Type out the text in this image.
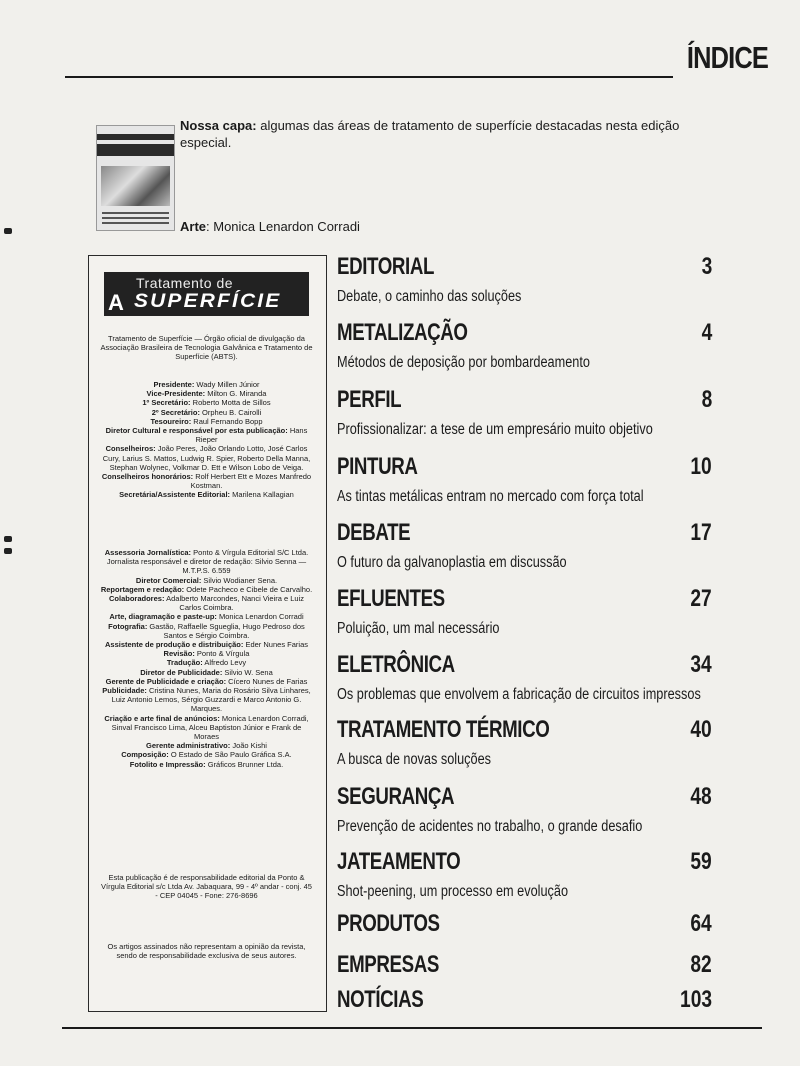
ÍNDICE
Nossa capa: algumas das áreas de tratamento de superfície destacadas nesta edição especial.
Arte: Monica Lenardon Corradi
A
Tratamento de
SUPERFÍCIE
Tratamento de Superfície — Órgão oficial de divulgação da Associação Brasileira de Tecnologia Galvânica e Tratamento de Superfície (ABTS).
Presidente: Wady Millen Júnior
Vice-Presidente: Milton G. Miranda
1º Secretário: Roberto Motta de Sillos
2º Secretário: Orpheu B. Cairolli
Tesoureiro: Raul Fernando Bopp
Diretor Cultural e responsável por esta publicação: Hans Rieper
Conselheiros: João Peres, João Orlando Lotto, José Carlos Cury, Larius S. Mattos, Ludwig R. Spier, Roberto Della Manna, Stephan Wolynec, Volkmar D. Ett e Wilson Lobo de Veiga.
Conselheiros honorários: Rolf Herbert Ett e Mozes Manfredo Kostman.
Secretária/Assistente Editorial: Marilena Kallagian
Assessoria Jornalística: Ponto & Vírgula Editorial S/C Ltda. Jornalista responsável e diretor de redação: Silvio Senna — M.T.P.S. 6.559
Diretor Comercial: Silvio Wodianer Sena.
Reportagem e redação: Odete Pacheco e Cibele de Carvalho.
Colaboradores: Adalberto Marcondes, Nanci Vieira e Luiz Carlos Coimbra.
Arte, diagramação e paste-up: Monica Lenardon Corradi
Fotografia: Gastão, Raffaelle Sgueglia, Hugo Pedroso dos Santos e Sérgio Coimbra.
Assistente de produção e distribuição: Eder Nunes Farias
Revisão: Ponto & Vírgula
Tradução: Alfredo Levy
Diretor de Publicidade: Silvio W. Sena
Gerente de Publicidade e criação: Cícero Nunes de Farias
Publicidade: Cristina Nunes, Maria do Rosário Silva Linhares, Luiz Antonio Lemos, Sérgio Guzzardi e Marco Antonio G. Marques.
Criação e arte final de anúncios: Monica Lenardon Corradi, Sinval Francisco Lima, Alceu Baptiston Júnior e Frank de Moraes
Gerente administrativo: João Kishi
Composição: O Estado de São Paulo Gráfica S.A.
Fotolito e Impressão: Gráficos Brunner Ltda.
Esta publicação é de responsabilidade editorial da Ponto & Vírgula Editorial s/c Ltda Av. Jabaquara, 99 - 4º andar - conj. 45 - CEP 04045 - Fone: 276-8696
Os artigos assinados não representam a opinião da revista, sendo de responsabilidade exclusiva de seus autores.
EDITORIAL	3
Debate, o caminho das soluções
METALIZAÇÃO	4
Métodos de deposição por bombardeamento
PERFIL	8
Profissionalizar: a tese de um empresário muito objetivo
PINTURA	10
As tintas metálicas entram no mercado com força total
DEBATE	17
O futuro da galvanoplastia em discussão
EFLUENTES	27
Poluição, um mal necessário
ELETRÔNICA	34
Os problemas que envolvem a fabricação de circuitos impressos
TRATAMENTO TÉRMICO	40
A busca de novas soluções
SEGURANÇA	48
Prevenção de acidentes no trabalho, o grande desafio
JATEAMENTO	59
Shot-peening, um processo em evolução
PRODUTOS	64
EMPRESAS	82
NOTÍCIAS	103
